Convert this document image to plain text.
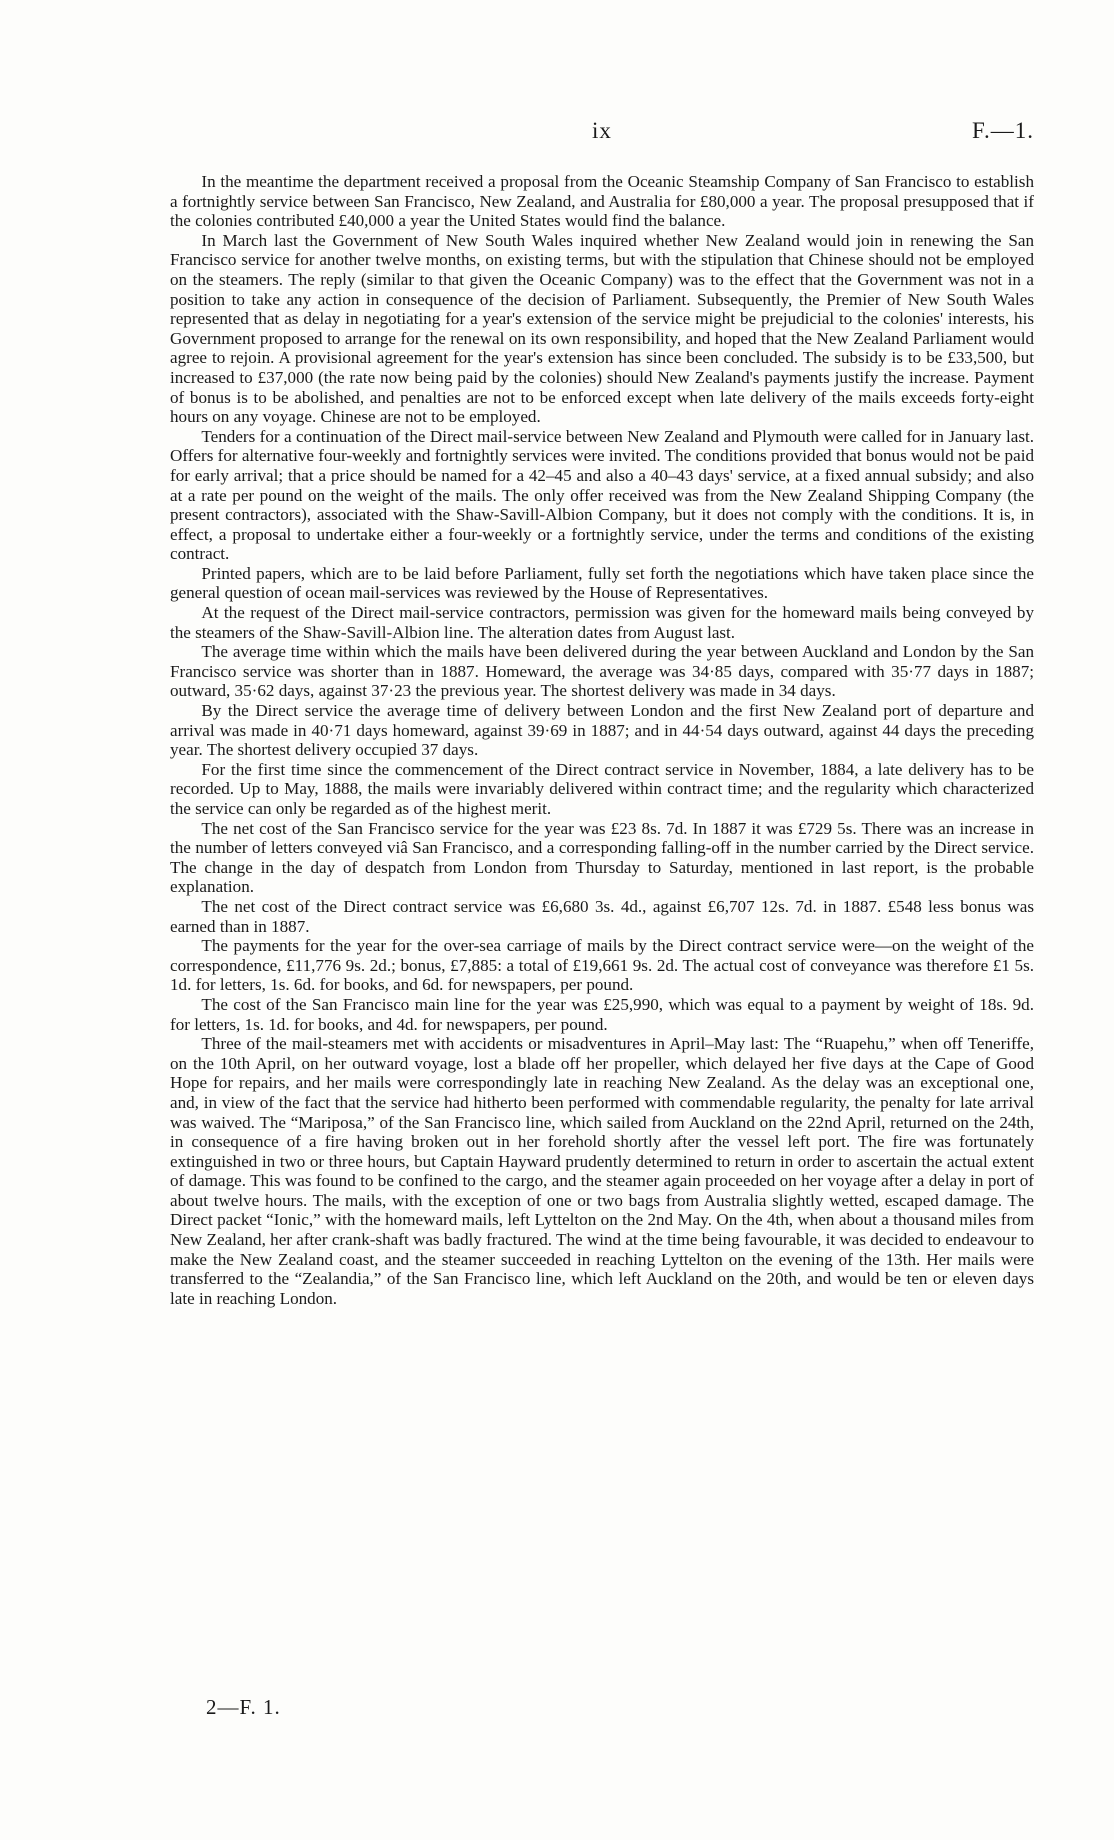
ix	F.—1.

In the meantime the department received a proposal from the Oceanic Steamship Company of San Francisco to establish a fortnightly service between San Francisco, New Zealand, and Australia for £80,000 a year. The proposal presupposed that if the colonies contributed £40,000 a year the United States would find the balance.

In March last the Government of New South Wales inquired whether New Zealand would join in renewing the San Francisco service for another twelve months, on existing terms, but with the stipulation that Chinese should not be employed on the steamers. The reply (similar to that given the Oceanic Company) was to the effect that the Government was not in a position to take any action in consequence of the decision of Parliament. Subsequently, the Premier of New South Wales represented that as delay in negotiating for a year's extension of the service might be prejudicial to the colonies' interests, his Government proposed to arrange for the renewal on its own responsibility, and hoped that the New Zealand Parliament would agree to rejoin. A provisional agreement for the year's extension has since been concluded. The subsidy is to be £33,500, but increased to £37,000 (the rate now being paid by the colonies) should New Zealand's payments justify the increase. Payment of bonus is to be abolished, and penalties are not to be enforced except when late delivery of the mails exceeds forty-eight hours on any voyage. Chinese are not to be employed.

Tenders for a continuation of the Direct mail-service between New Zealand and Plymouth were called for in January last. Offers for alternative four-weekly and fortnightly services were invited. The conditions provided that bonus would not be paid for early arrival; that a price should be named for a 42–45 and also a 40–43 days' service, at a fixed annual subsidy; and also at a rate per pound on the weight of the mails. The only offer received was from the New Zealand Shipping Company (the present contractors), associated with the Shaw-Savill-Albion Company, but it does not comply with the conditions. It is, in effect, a proposal to undertake either a four-weekly or a fortnightly service, under the terms and conditions of the existing contract.

Printed papers, which are to be laid before Parliament, fully set forth the negotiations which have taken place since the general question of ocean mail-services was reviewed by the House of Representatives.

At the request of the Direct mail-service contractors, permission was given for the homeward mails being conveyed by the steamers of the Shaw-Savill-Albion line. The alteration dates from August last.

The average time within which the mails have been delivered during the year between Auckland and London by the San Francisco service was shorter than in 1887. Homeward, the average was 34·85 days, compared with 35·77 days in 1887; outward, 35·62 days, against 37·23 the previous year. The shortest delivery was made in 34 days.

By the Direct service the average time of delivery between London and the first New Zealand port of departure and arrival was made in 40·71 days homeward, against 39·69 in 1887; and in 44·54 days outward, against 44 days the preceding year. The shortest delivery occupied 37 days.

For the first time since the commencement of the Direct contract service in November, 1884, a late delivery has to be recorded. Up to May, 1888, the mails were invariably delivered within contract time; and the regularity which characterized the service can only be regarded as of the highest merit.

The net cost of the San Francisco service for the year was £23 8s. 7d. In 1887 it was £729 5s. There was an increase in the number of letters conveyed viâ San Francisco, and a corresponding falling-off in the number carried by the Direct service. The change in the day of despatch from London from Thursday to Saturday, mentioned in last report, is the probable explanation.

The net cost of the Direct contract service was £6,680 3s. 4d., against £6,707 12s. 7d. in 1887. £548 less bonus was earned than in 1887.

The payments for the year for the over-sea carriage of mails by the Direct contract service were—on the weight of the correspondence, £11,776 9s. 2d.; bonus, £7,885: a total of £19,661 9s. 2d. The actual cost of conveyance was therefore £1 5s. 1d. for letters, 1s. 6d. for books, and 6d. for newspapers, per pound.

The cost of the San Francisco main line for the year was £25,990, which was equal to a payment by weight of 18s. 9d. for letters, 1s. 1d. for books, and 4d. for newspapers, per pound.

Three of the mail-steamers met with accidents or misadventures in April–May last: The “Ruapehu,” when off Teneriffe, on the 10th April, on her outward voyage, lost a blade off her propeller, which delayed her five days at the Cape of Good Hope for repairs, and her mails were correspondingly late in reaching New Zealand. As the delay was an exceptional one, and, in view of the fact that the service had hitherto been performed with commendable regularity, the penalty for late arrival was waived. The “Mariposa,” of the San Francisco line, which sailed from Auckland on the 22nd April, returned on the 24th, in consequence of a fire having broken out in her forehold shortly after the vessel left port. The fire was fortunately extinguished in two or three hours, but Captain Hayward prudently determined to return in order to ascertain the actual extent of damage. This was found to be confined to the cargo, and the steamer again proceeded on her voyage after a delay in port of about twelve hours. The mails, with the exception of one or two bags from Australia slightly wetted, escaped damage. The Direct packet “Ionic,” with the homeward mails, left Lyttelton on the 2nd May. On the 4th, when about a thousand miles from New Zealand, her after crank-shaft was badly fractured. The wind at the time being favourable, it was decided to endeavour to make the New Zealand coast, and the steamer succeeded in reaching Lyttelton on the evening of the 13th. Her mails were transferred to the “Zealandia,” of the San Francisco line, which left Auckland on the 20th, and would be ten or eleven days late in reaching London.

2—F. 1.
